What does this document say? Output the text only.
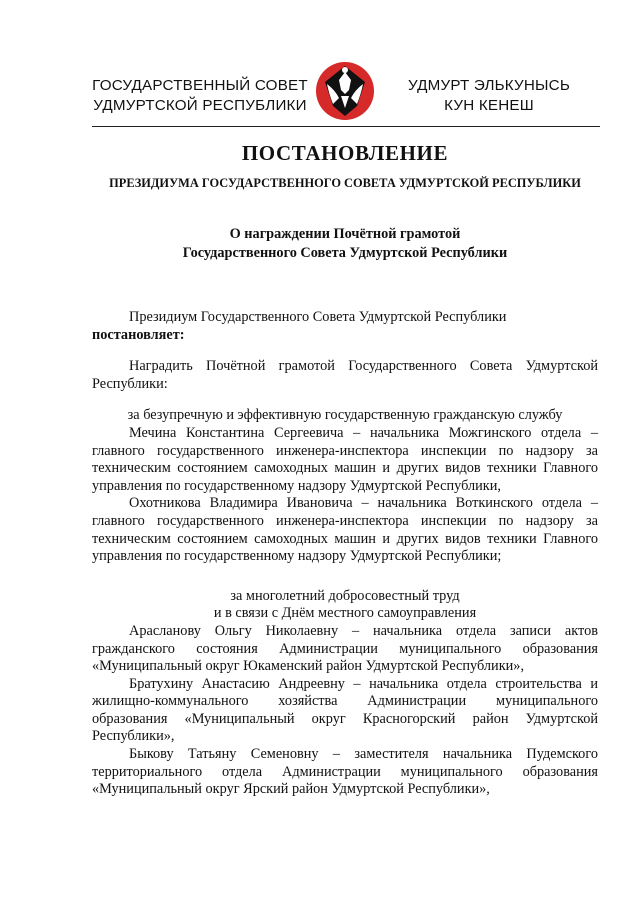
ГОСУДАРСТВЕННЫЙ СОВЕТ
УДМУРТСКОЙ РЕСПУБЛИКИ
УДМУРТ ЭЛЬКУНЫСЬ
КУН КЕНЕШ
ПОСТАНОВЛЕНИЕ
ПРЕЗИДИУМА ГОСУДАРСТВЕННОГО СОВЕТА УДМУРТСКОЙ РЕСПУБЛИКИ
О награждении Почётной грамотой
Государственного Совета Удмуртской Республики

Президиум Государственного Совета Удмуртской Республики

постановляет:

Наградить Почётной грамотой Государственного Совета Удмуртской Республики:

за безупречную и эффективную государственную гражданскую службу

Мечина Константина Сергеевича – начальника Можгинского отдела – главного государственного инженера-инспектора инспекции по надзору за техническим состоянием самоходных машин и других видов техники Главного управления по государственному надзору Удмуртской Республики,

Охотникова Владимира Ивановича – начальника Воткинского отдела – главного государственного инженера-инспектора инспекции по надзору за техническим состоянием самоходных машин и других видов техники Главного управления по государственному надзору Удмуртской Республики;

за многолетний добросовестный труд

и в связи с Днём местного самоуправления

Арасланову Ольгу Николаевну – начальника отдела записи актов гражданского состояния Администрации муниципального образования «Муниципальный округ Юкаменский район Удмуртской Республики»,

Братухину Анастасию Андреевну – начальника отдела строительства и жилищно-коммунального хозяйства Администрации муниципального образования «Муниципальный округ Красногорский район Удмуртской Республики»,

Быкову Татьяну Семеновну – заместителя начальника Пудемского территориального отдела Администрации муниципального образования «Муниципальный округ Ярский район Удмуртской Республики»,
